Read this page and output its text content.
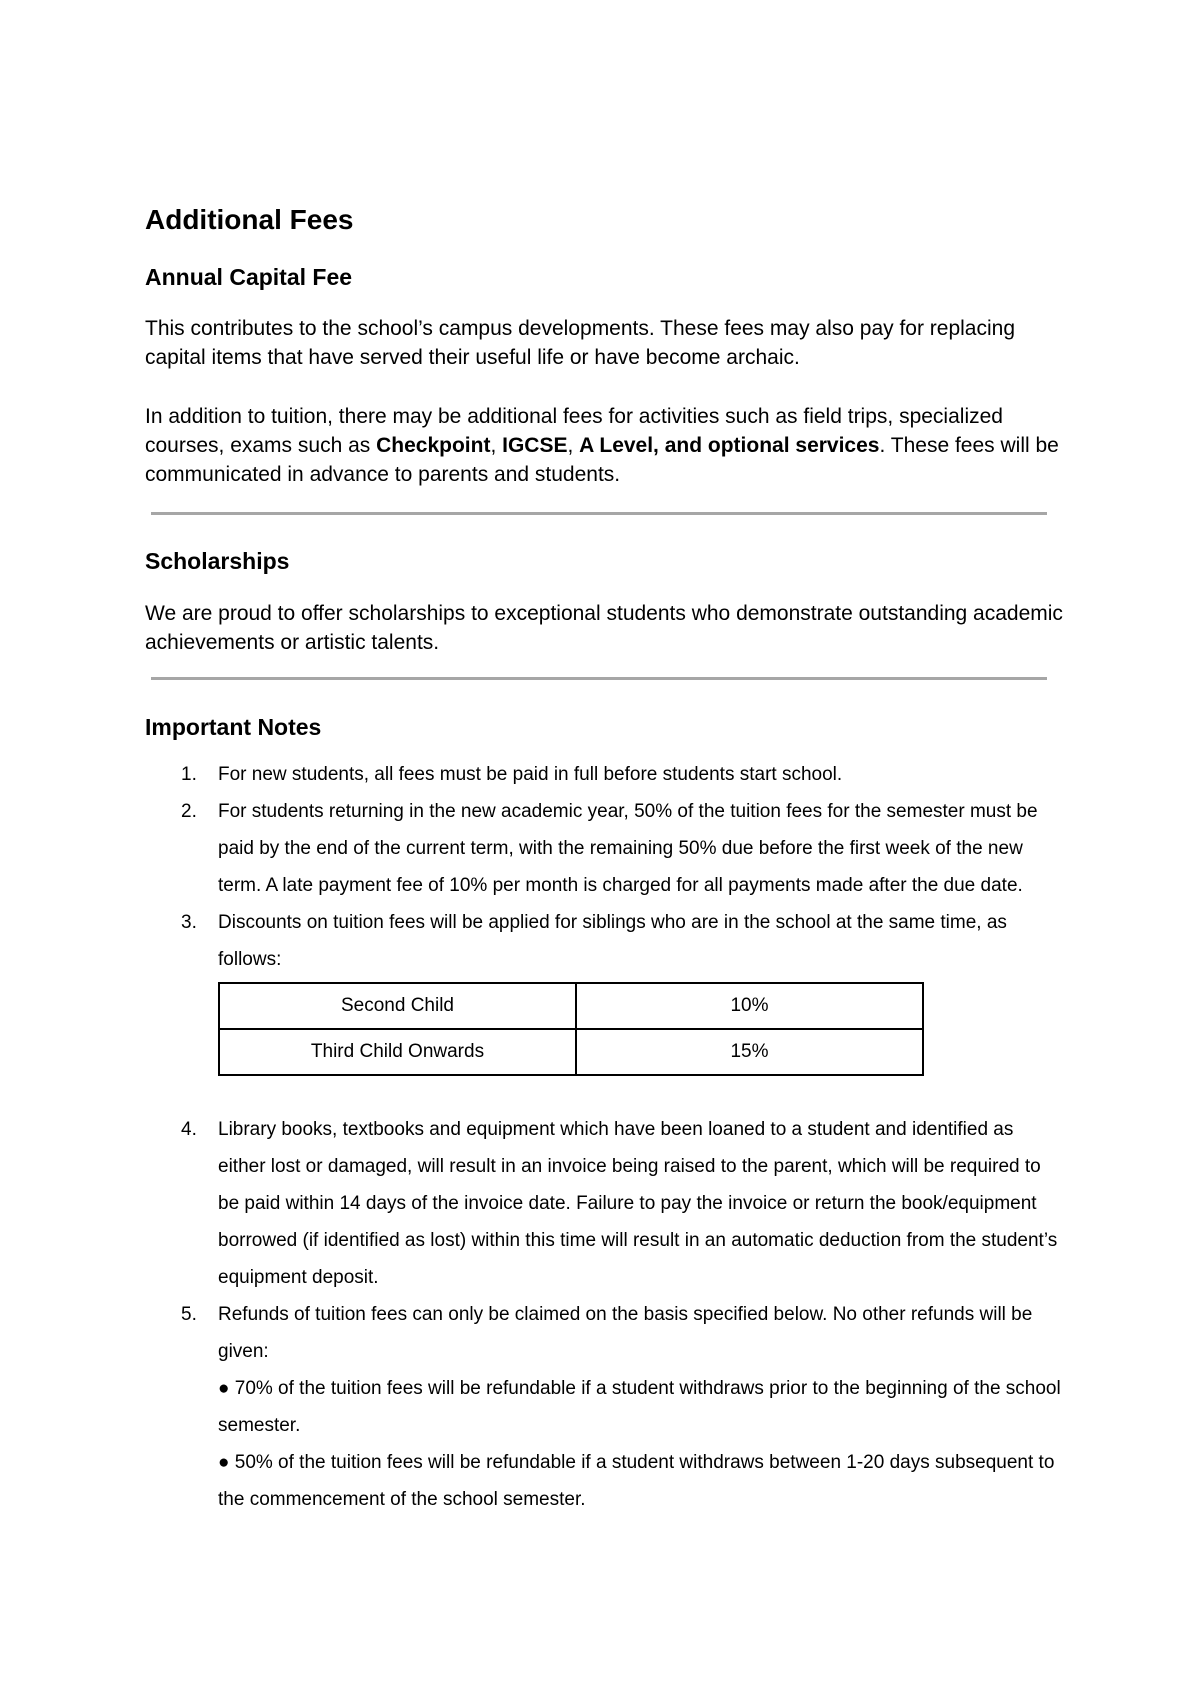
Additional Fees
Annual Capital Fee

This contributes to the school’s campus developments. These fees may also pay for replacing capital items that have served their useful life or have become archaic.

In addition to tuition, there may be additional fees for activities such as field trips, specialized courses, exams such as Checkpoint, IGCSE, A Level, and optional services. These fees will be communicated in advance to parents and students.

Scholarships

We are proud to offer scholarships to exceptional students who demonstrate outstanding academic achievements or artistic talents.

Important Notes
1. For new students, all fees must be paid in full before students start school.
2. For students returning in the new academic year, 50% of the tuition fees for the semester must be paid by the end of the current term, with the remaining 50% due before the first week of the new term. A late payment fee of 10% per month is charged for all payments made after the due date.
3. Discounts on tuition fees will be applied for siblings who are in the school at the same time, as follows:
Second Child	10%
Third Child Onwards	15%
4. Library books, textbooks and equipment which have been loaned to a student and identified as either lost or damaged, will result in an invoice being raised to the parent, which will be required to be paid within 14 days of the invoice date. Failure to pay the invoice or return the book/equipment borrowed (if identified as lost) within this time will result in an automatic deduction from the student’s equipment deposit.
5. Refunds of tuition fees can only be claimed on the basis specified below. No other refunds will be given:
● 70% of the tuition fees will be refundable if a student withdraws prior to the beginning of the school semester.
● 50% of the tuition fees will be refundable if a student withdraws between 1-20 days subsequent to the commencement of the school semester.
